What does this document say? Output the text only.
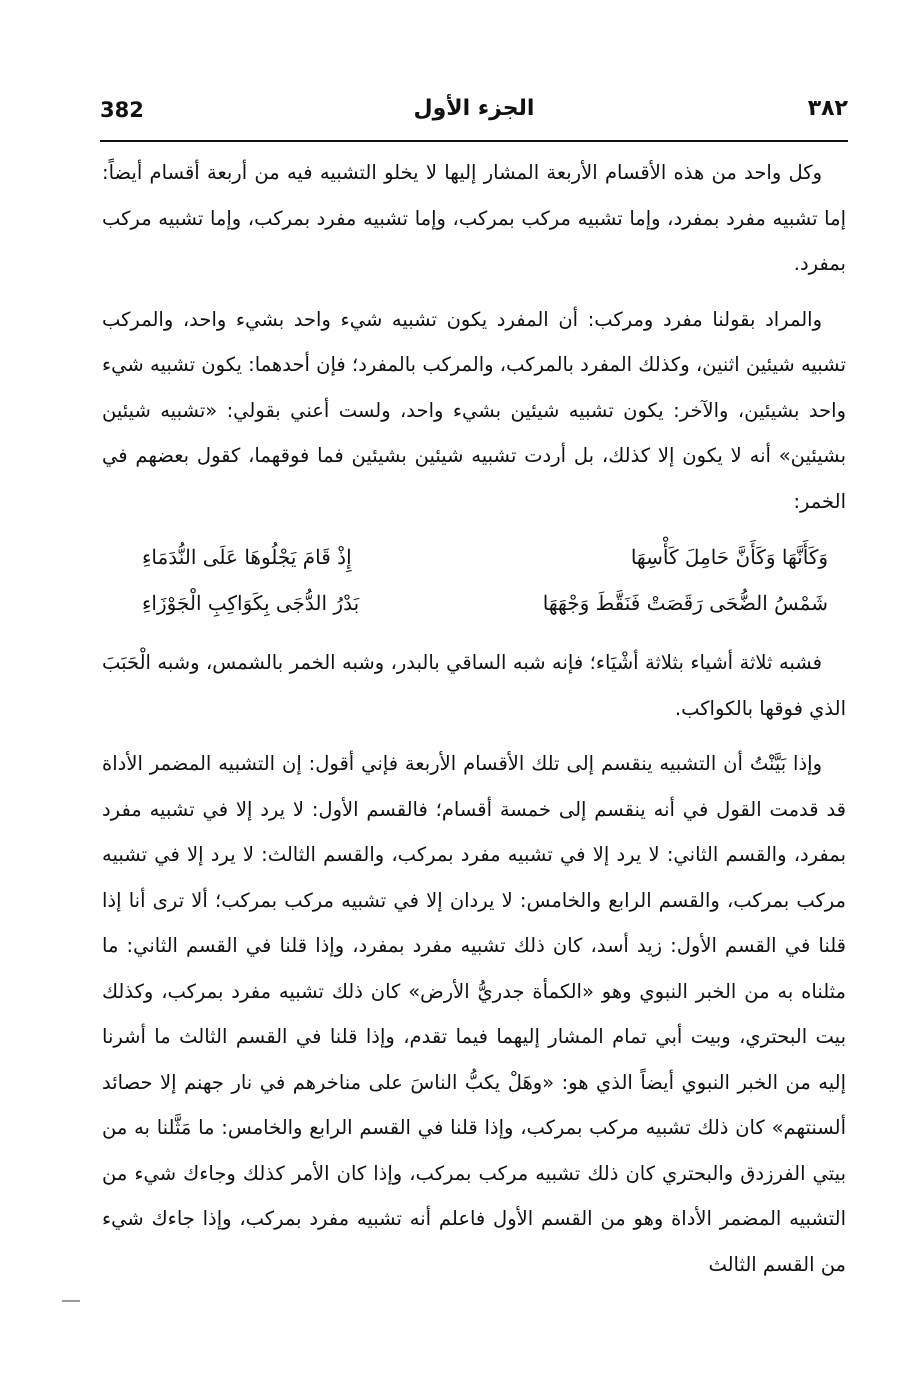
382	الجزء الأول	٣٨٢

وكل واحد من هذه الأقسام الأربعة المشار إليها لا يخلو التشبيه فيه من أربعة أقسام أيضاً: إما تشبيه مفرد بمفرد، وإما تشبيه مركب بمركب، وإما تشبيه مفرد بمركب، وإما تشبيه مركب بمفرد.

والمراد بقولنا مفرد ومركب: أن المفرد يكون تشبيه شيء واحد بشيء واحد، والمركب تشبيه شيئين اثنين، وكذلك المفرد بالمركب، والمركب بالمفرد؛ فإن أحدهما: يكون تشبيه شيء واحد بشيئين، والآخر: يكون تشبيه شيئين بشيء واحد، ولست أعني بقولي: «تشبيه شيئين بشيئين» أنه لا يكون إلا كذلك، بل أردت تشبيه شيئين بشيئين فما فوقهما، كقول بعضهم في الخمر:

وَكَأَنَّهَا وَكَأَنَّ حَامِلَ كَأْسِهَا
إِذْ قَامَ يَجْلُوهَا عَلَى النُّدَمَاءِ
شَمْسُ الضُّحَى رَقَصَتْ فَنَقَّطَ وَجْهَهَا
بَدْرُ الدُّجَى بِكَوَاكِبِ الْجَوْزَاءِ

فشبه ثلاثة أشياء بثلاثة أشْيَاء؛ فإنه شبه الساقي بالبدر، وشبه الخمر بالشمس، وشبه الْحَبَبَ الذي فوقها بالكواكب.

وإذا بَيَّنْتُ أن التشبيه ينقسم إلى تلك الأقسام الأربعة فإني أقول: إن التشبيه المضمر الأداة قد قدمت القول في أنه ينقسم إلى خمسة أقسام؛ فالقسم الأول: لا يرد إلا في تشبيه مفرد بمفرد، والقسم الثاني: لا يرد إلا في تشبيه مفرد بمركب، والقسم الثالث: لا يرد إلا في تشبيه مركب بمركب، والقسم الرابع والخامس: لا يردان إلا في تشبيه مركب بمركب؛ ألا ترى أنا إذا قلنا في القسم الأول: زيد أسد، كان ذلك تشبيه مفرد بمفرد، وإذا قلنا في القسم الثاني: ما مثلناه به من الخبر النبوي وهو «الكمأة جدريُّ الأرض» كان ذلك تشبيه مفرد بمركب، وكذلك بيت البحتري، وبيت أبي تمام المشار إليهما فيما تقدم، وإذا قلنا في القسم الثالث ما أشرنا إليه من الخبر النبوي أيضاً الذي هو: «وهَلْ يكبُّ الناسَ على مناخرهم في نار جهنم إلا حصائد ألسنتهم» كان ذلك تشبيه مركب بمركب، وإذا قلنا في القسم الرابع والخامس: ما مَثَّلنا به من بيتي الفرزدق والبحتري كان ذلك تشبيه مركب بمركب، وإذا كان الأمر كذلك وجاءك شيء من التشبيه المضمر الأداة وهو من القسم الأول فاعلم أنه تشبيه مفرد بمركب، وإذا جاءك شيء من القسم الثالث
